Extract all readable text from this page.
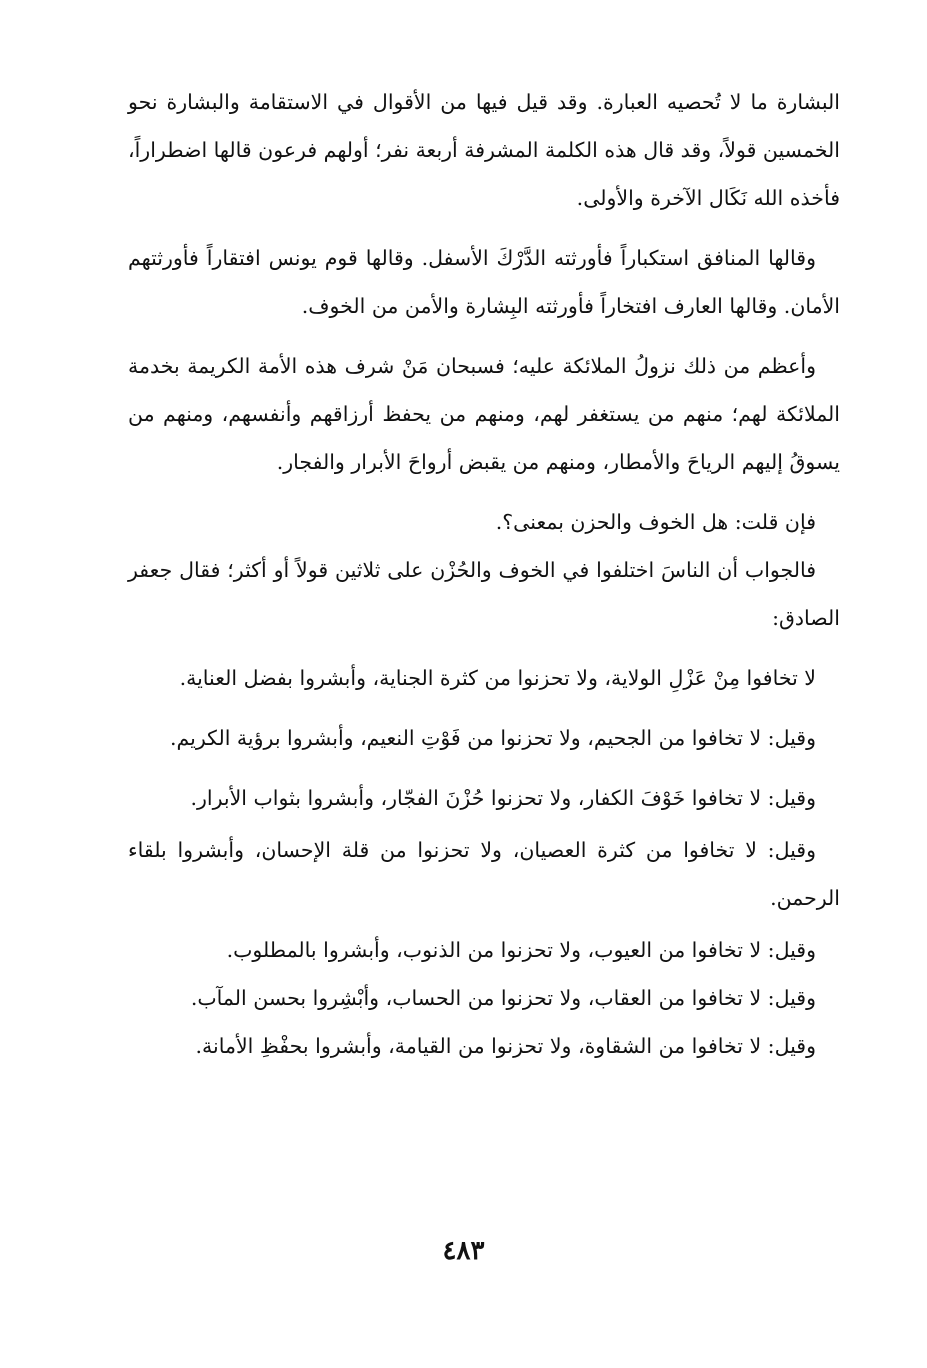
البشارة ما لا تُحصيه العبارة. وقد قيل فيها من الأقوال في الاستقامة والبشارة نحو الخمسين قولاً، وقد قال هذه الكلمة المشرفة أربعة نفر؛ أولهم فرعون قالها اضطراراً، فأخذه الله نَكَال الآخرة والأولى.

وقالها المنافق استكباراً فأورثته الدَّرْكَ الأسفل. وقالها قوم يونس افتقاراً فأورثتهم الأمان. وقالها العارف افتخاراً فأورثته البِشارة والأمن من الخوف.

وأعظم من ذلك نزولُ الملائكة عليه؛ فسبحان مَنْ شرف هذه الأمة الكريمة بخدمة الملائكة لهم؛ منهم من يستغفر لهم، ومنهم من يحفظ أرزاقهم وأنفسهم، ومنهم من يسوقُ إليهم الرياحَ والأمطار، ومنهم من يقبض أرواحَ الأبرار والفجار.

فإن قلت: هل الخوف والحزن بمعنى؟.

فالجواب أن الناسَ اختلفوا في الخوف والحُزْن على ثلاثين قولاً أو أكثر؛ فقال جعفر الصادق:

لا تخافوا مِنْ عَزْلِ الولاية، ولا تحزنوا من كثرة الجناية، وأبشروا بفضل العناية.

وقيل: لا تخافوا من الجحيم، ولا تحزنوا من فَوْتِ النعيم، وأبشروا برؤية الكريم.

وقيل: لا تخافوا خَوْفَ الكفار، ولا تحزنوا حُزْنَ الفجّار، وأبشروا بثواب الأبرار.

وقيل: لا تخافوا من كثرة العصيان، ولا تحزنوا من قلة الإحسان، وأبشروا بلقاء الرحمن.

وقيل: لا تخافوا من العيوب، ولا تحزنوا من الذنوب، وأبشروا بالمطلوب.

وقيل: لا تخافوا من العقاب، ولا تحزنوا من الحساب، وأبْشِروا بحسن المآب.

وقيل: لا تخافوا من الشقاوة، ولا تحزنوا من القيامة، وأبشروا بحفْظِ الأمانة.

٤٨٣
